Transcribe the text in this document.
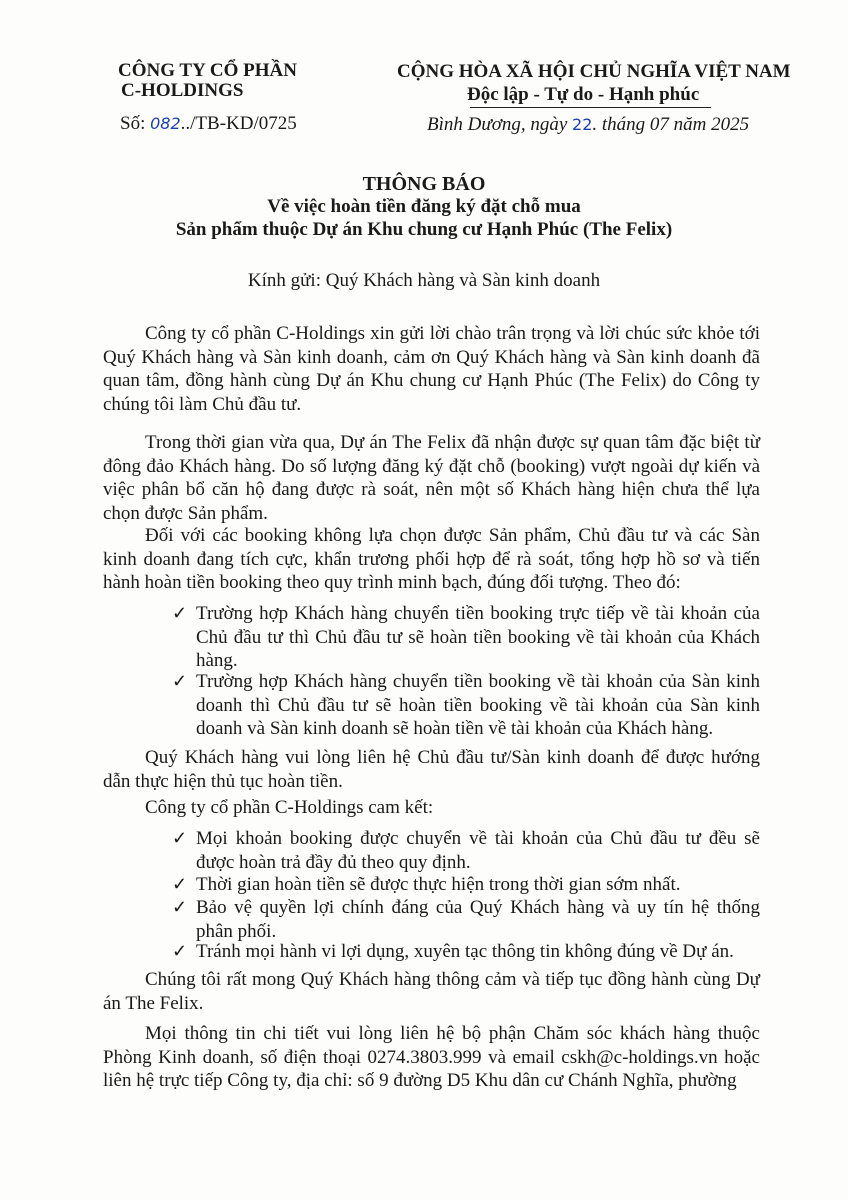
CÔNG TY CỔ PHẦN
C-HOLDINGS
Số: 082../TB-KD/0725
CỘNG HÒA XÃ HỘI CHỦ NGHĨA VIỆT NAM
Độc lập - Tự do - Hạnh phúc
Bình Dương, ngày 22. tháng 07 năm 2025
THÔNG BÁO
Về việc hoàn tiền đăng ký đặt chỗ mua
Sản phẩm thuộc Dự án Khu chung cư Hạnh Phúc (The Felix)
Kính gửi: Quý Khách hàng và Sàn kinh doanh

Công ty cổ phần C-Holdings xin gửi lời chào trân trọng và lời chúc sức khỏe tới Quý Khách hàng và Sàn kinh doanh, cảm ơn Quý Khách hàng và Sàn kinh doanh đã quan tâm, đồng hành cùng Dự án Khu chung cư Hạnh Phúc (The Felix) do Công ty chúng tôi làm Chủ đầu tư.

Trong thời gian vừa qua, Dự án The Felix đã nhận được sự quan tâm đặc biệt từ đông đảo Khách hàng. Do số lượng đăng ký đặt chỗ (booking) vượt ngoài dự kiến và việc phân bổ căn hộ đang được rà soát, nên một số Khách hàng hiện chưa thể lựa chọn được Sản phẩm.

Đối với các booking không lựa chọn được Sản phẩm, Chủ đầu tư và các Sàn kinh doanh đang tích cực, khẩn trương phối hợp để rà soát, tổng hợp hồ sơ và tiến hành hoàn tiền booking theo quy trình minh bạch, đúng đối tượng. Theo đó:

✓ Trường hợp Khách hàng chuyển tiền booking trực tiếp về tài khoản của Chủ đầu tư thì Chủ đầu tư sẽ hoàn tiền booking về tài khoản của Khách hàng.
✓ Trường hợp Khách hàng chuyển tiền booking về tài khoản của Sàn kinh doanh thì Chủ đầu tư sẽ hoàn tiền booking về tài khoản của Sàn kinh doanh và Sàn kinh doanh sẽ hoàn tiền về tài khoản của Khách hàng.

Quý Khách hàng vui lòng liên hệ Chủ đầu tư/Sàn kinh doanh để được hướng dẫn thực hiện thủ tục hoàn tiền.

Công ty cổ phần C-Holdings cam kết:

✓ Mọi khoản booking được chuyển về tài khoản của Chủ đầu tư đều sẽ được hoàn trả đầy đủ theo quy định.
✓ Thời gian hoàn tiền sẽ được thực hiện trong thời gian sớm nhất.
✓ Bảo vệ quyền lợi chính đáng của Quý Khách hàng và uy tín hệ thống phân phối.
✓ Tránh mọi hành vi lợi dụng, xuyên tạc thông tin không đúng về Dự án.

Chúng tôi rất mong Quý Khách hàng thông cảm và tiếp tục đồng hành cùng Dự án The Felix.

Mọi thông tin chi tiết vui lòng liên hệ bộ phận Chăm sóc khách hàng thuộc Phòng Kinh doanh, số điện thoại 0274.3803.999 và email cskh@c-holdings.vn hoặc liên hệ trực tiếp Công ty, địa chỉ: số 9 đường D5 Khu dân cư Chánh Nghĩa, phường
